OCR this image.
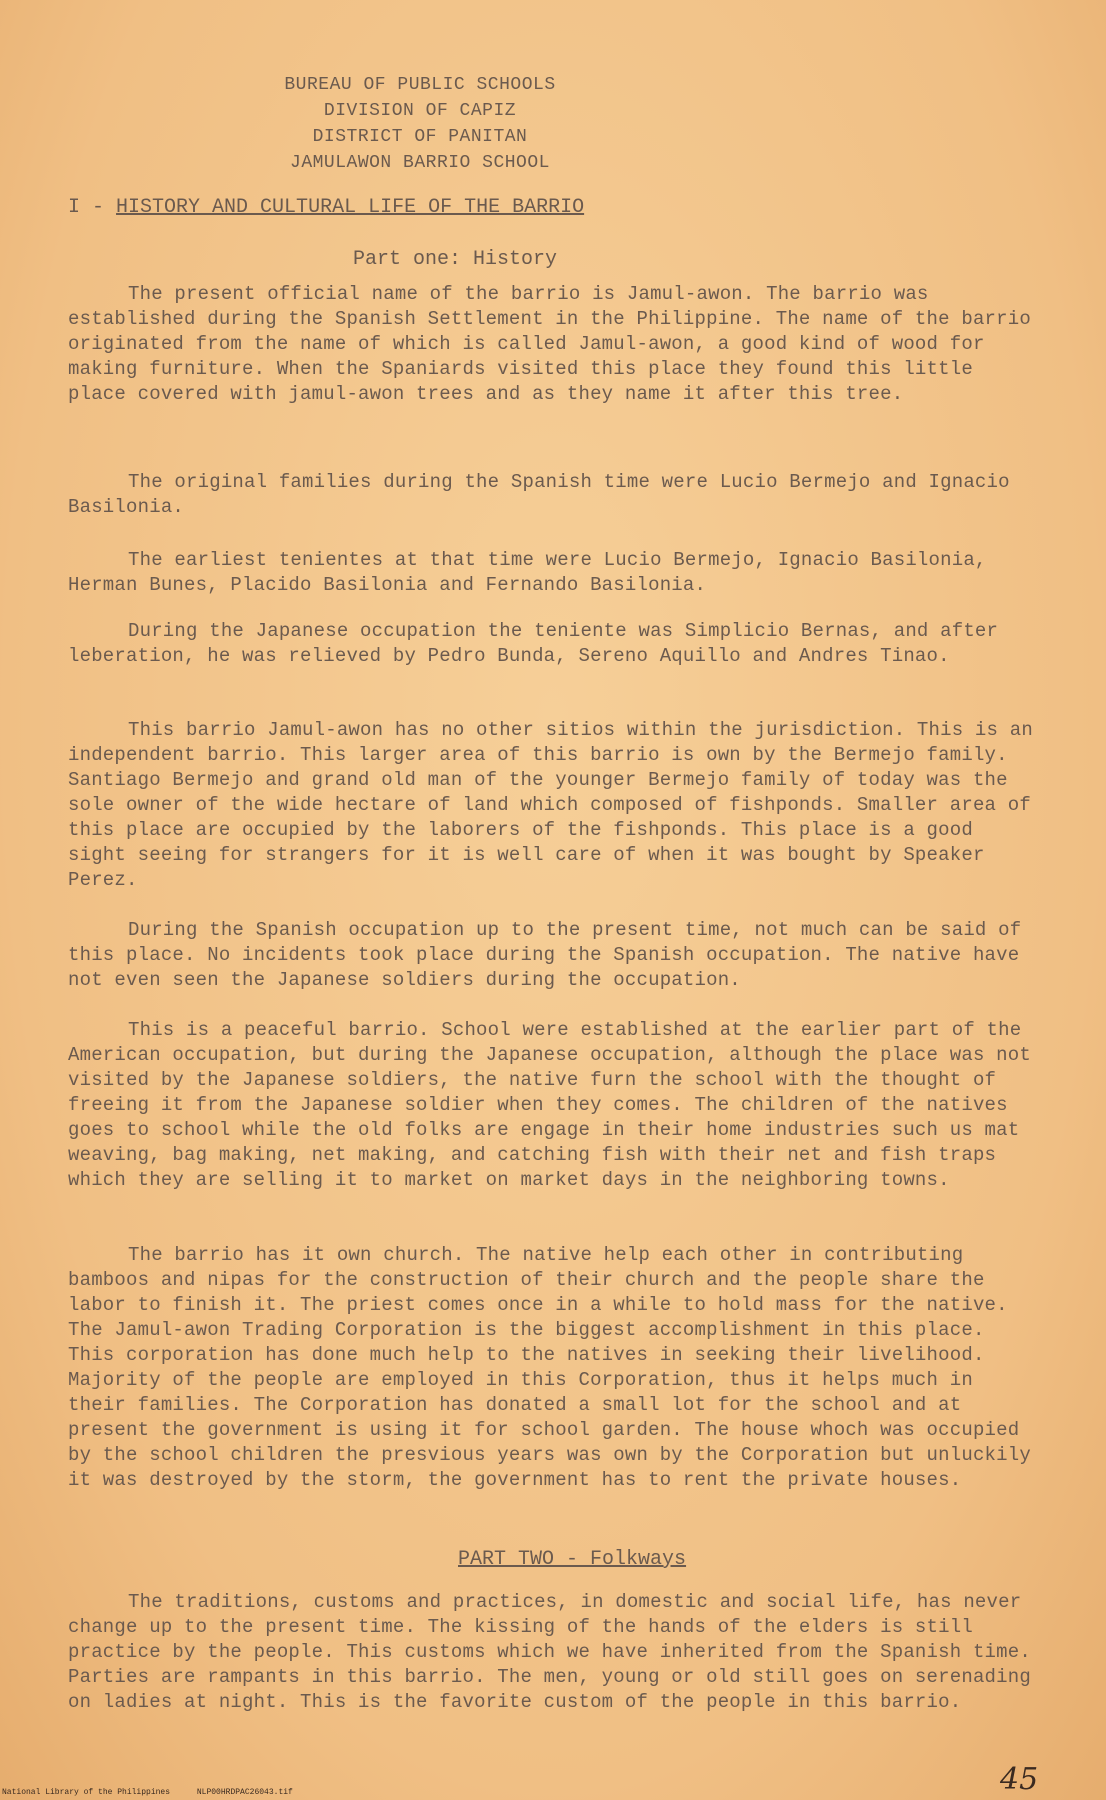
BUREAU OF PUBLIC SCHOOLS
DIVISION OF CAPIZ
DISTRICT OF PANITAN
JAMULAWON BARRIO SCHOOL
I - HISTORY AND CULTURAL LIFE OF THE BARRIO
Part one: History

The present official name of the barrio is Jamul-awon. The barrio was established during the Spanish Settlement in the Philippine. The name of the barrio originated from the name of which is called Jamul-awon, a good kind of wood for making furniture. When the Spaniards visited this place they found this little place covered with jamul-awon trees and as they name it after this tree.

The original families during the Spanish time were Lucio Bermejo and Ignacio Basilonia.

The earliest tenientes at that time were Lucio Bermejo, Ignacio Basilonia, Herman Bunes, Placido Basilonia and Fernando Basilonia.

During the Japanese occupation the teniente was Simplicio Bernas, and after leberation, he was relieved by Pedro Bunda, Sereno Aquillo and Andres Tinao.

This barrio Jamul-awon has no other sitios within the jurisdiction. This is an independent barrio. This larger area of this barrio is own by the Bermejo family. Santiago Bermejo and grand old man of the younger Bermejo family of today was the sole owner of the wide hectare of land which composed of fishponds. Smaller area of this place are occupied by the laborers of the fishponds. This place is a good sight seeing for strangers for it is well care of when it was bought by Speaker Perez.

During the Spanish occupation up to the present time, not much can be said of this place. No incidents took place during the Spanish occupation. The native have not even seen the Japanese soldiers during the occupation.

This is a peaceful barrio. School were established at the earlier part of the American occupation, but during the Japanese occupation, although the place was not visited by the Japanese soldiers, the native furn the school with the thought of freeing it from the Japanese soldier when they comes. The children of the natives goes to school while the old folks are engage in their home industries such us mat weaving, bag making, net making, and catching fish with their net and fish traps which they are selling it to market on market days in the neighboring towns.

The barrio has it own church. The native help each other in contributing bamboos and nipas for the construction of their church and the people share the labor to finish it. The priest comes once in a while to hold mass for the native. The Jamul-awon Trading Corporation is the biggest accomplishment in this place. This corporation has done much help to the natives in seeking their livelihood. Majority of the people are employed in this Corporation, thus it helps much in their families. The Corporation has donated a small lot for the school and at present the government is using it for school garden. The house whoch was occupied by the school children the presvious years was own by the Corporation but unluckily it was destroyed by the storm, the government has to rent the private houses.

PART TWO - Folkways

The traditions, customs and practices, in domestic and social life, has never change up to the present time. The kissing of the hands of the elders is still practice by the people. This customs which we have inherited from the Spanish time. Parties are rampants in this barrio. The men, young or old still goes on serenading on ladies at night. This is the favorite custom of the people in this barrio.

National Library of the Philippines	NLP00HRDPAC26043.tif	45
